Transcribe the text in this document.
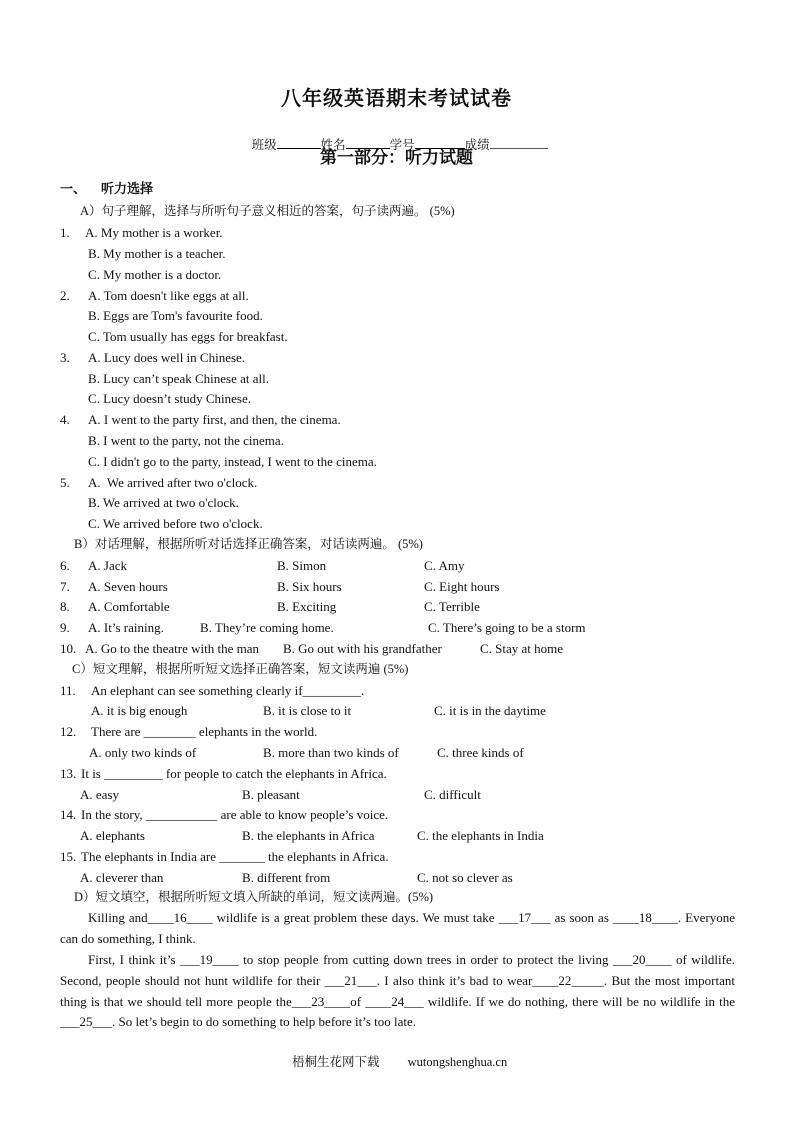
八年级英语期末考试试卷

班级	姓名	学号	成绩

第一部分：听力试题
一、 听力选择
A）句子理解，选择与所听句子意义相近的答案，句子读两遍。 (5%)
1. A. My mother is a worker.
B. My mother is a teacher.
C. My mother is a doctor.
2. A. Tom doesn't like eggs at all.
B. Eggs are Tom's favourite food.
C. Tom usually has eggs for breakfast.
3. A. Lucy does well in Chinese.
B. Lucy can’t speak Chinese at all.
C. Lucy doesn’t study Chinese.
4. A. I went to the party first, and then, the cinema.
B. I went to the party, not the cinema.
C. I didn't go to the party, instead, I went to the cinema.
5. A.  We arrived after two o'clock.
B. We arrived at two o'clock.
C. We arrived before two o'clock.
B）对话理解，根据所听对话选择正确答案，对话读两遍。 (5%)
6. A. Jack	B. Simon	C. Amy
7. A. Seven hours	B. Six hours	C. Eight hours
8. A. Comfortable	B. Exciting	C. Terrible
9. A. It’s raining.	B. They’re coming home.	C. There’s going to be a storm
10. A. Go to the theatre with the man B. Go out with his grandfather	C. Stay at home
C）短文理解，根据所听短文选择正确答案，短文读两遍 (5%)
11. An elephant can see something clearly if_________.
A. it is big enough	B. it is close to it	C. it is in the daytime
12. There are ________ elephants in the world.
A. only two kinds of	B. more than two kinds of	C. three kinds of
13. It is _________ for people to catch the elephants in Africa.
A. easy	B. pleasant	C. difficult
14. In the story, ___________ are able to know people’s voice.
A. elephants	B. the elephants in Africa	C. the elephants in India
15. The elephants in India are _______ the elephants in Africa.
A. cleverer than	B. different from	C. not so clever as
D）短文填空，根据所听短文填入所缺的单词，短文读两遍。(5%)
Killing and____16____ wildlife is a great problem these days. We must take ___17___ as soon as ____18____. Everyone can do something, I think.
First, I think it’s ___19____ to stop people from cutting down trees in order to protect the living ___20____ of wildlife. Second, people should not hunt wildlife for their ___21___. I also think it’s bad to wear____22_____. But the most important thing is that we should tell more people the___23____of ____24___ wildlife. If we do nothing, there will be no wildlife in the ___25___. So let’s begin to do something to help before it’s too late.

梧桐生花网下载 wutongshenghua.cn
